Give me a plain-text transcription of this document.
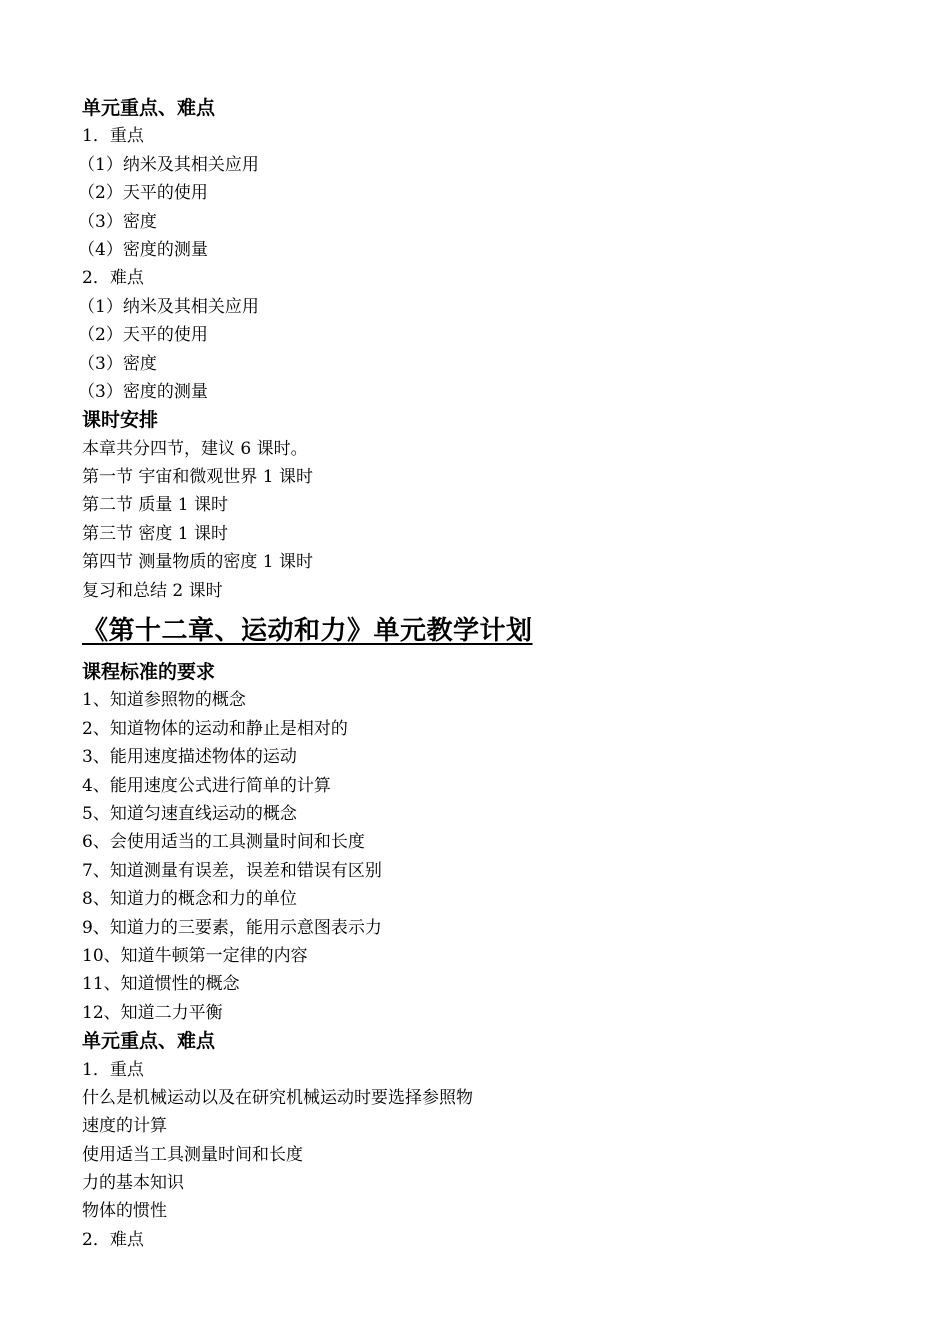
单元重点、难点
1．重点
（1）纳米及其相关应用
（2）天平的使用
（3）密度
（4）密度的测量
2．难点
（1）纳米及其相关应用
（2）天平的使用
（3）密度
（3）密度的测量
课时安排
本章共分四节，建议 6 课时。
第一节 宇宙和微观世界 1 课时
第二节 质量 1 课时
第三节 密度 1 课时
第四节 测量物质的密度 1 课时
复习和总结 2 课时
《第十二章、运动和力》单元教学计划
课程标准的要求
1、知道参照物的概念
2、知道物体的运动和静止是相对的
3、能用速度描述物体的运动
4、能用速度公式进行简单的计算
5、知道匀速直线运动的概念
6、会使用适当的工具测量时间和长度
7、知道测量有误差，误差和错误有区别
8、知道力的概念和力的单位
9、知道力的三要素，能用示意图表示力
10、知道牛顿第一定律的内容
11、知道惯性的概念
12、知道二力平衡
单元重点、难点
1．重点
什么是机械运动以及在研究机械运动时要选择参照物
速度的计算
使用适当工具测量时间和长度
力的基本知识
物体的惯性
2．难点
